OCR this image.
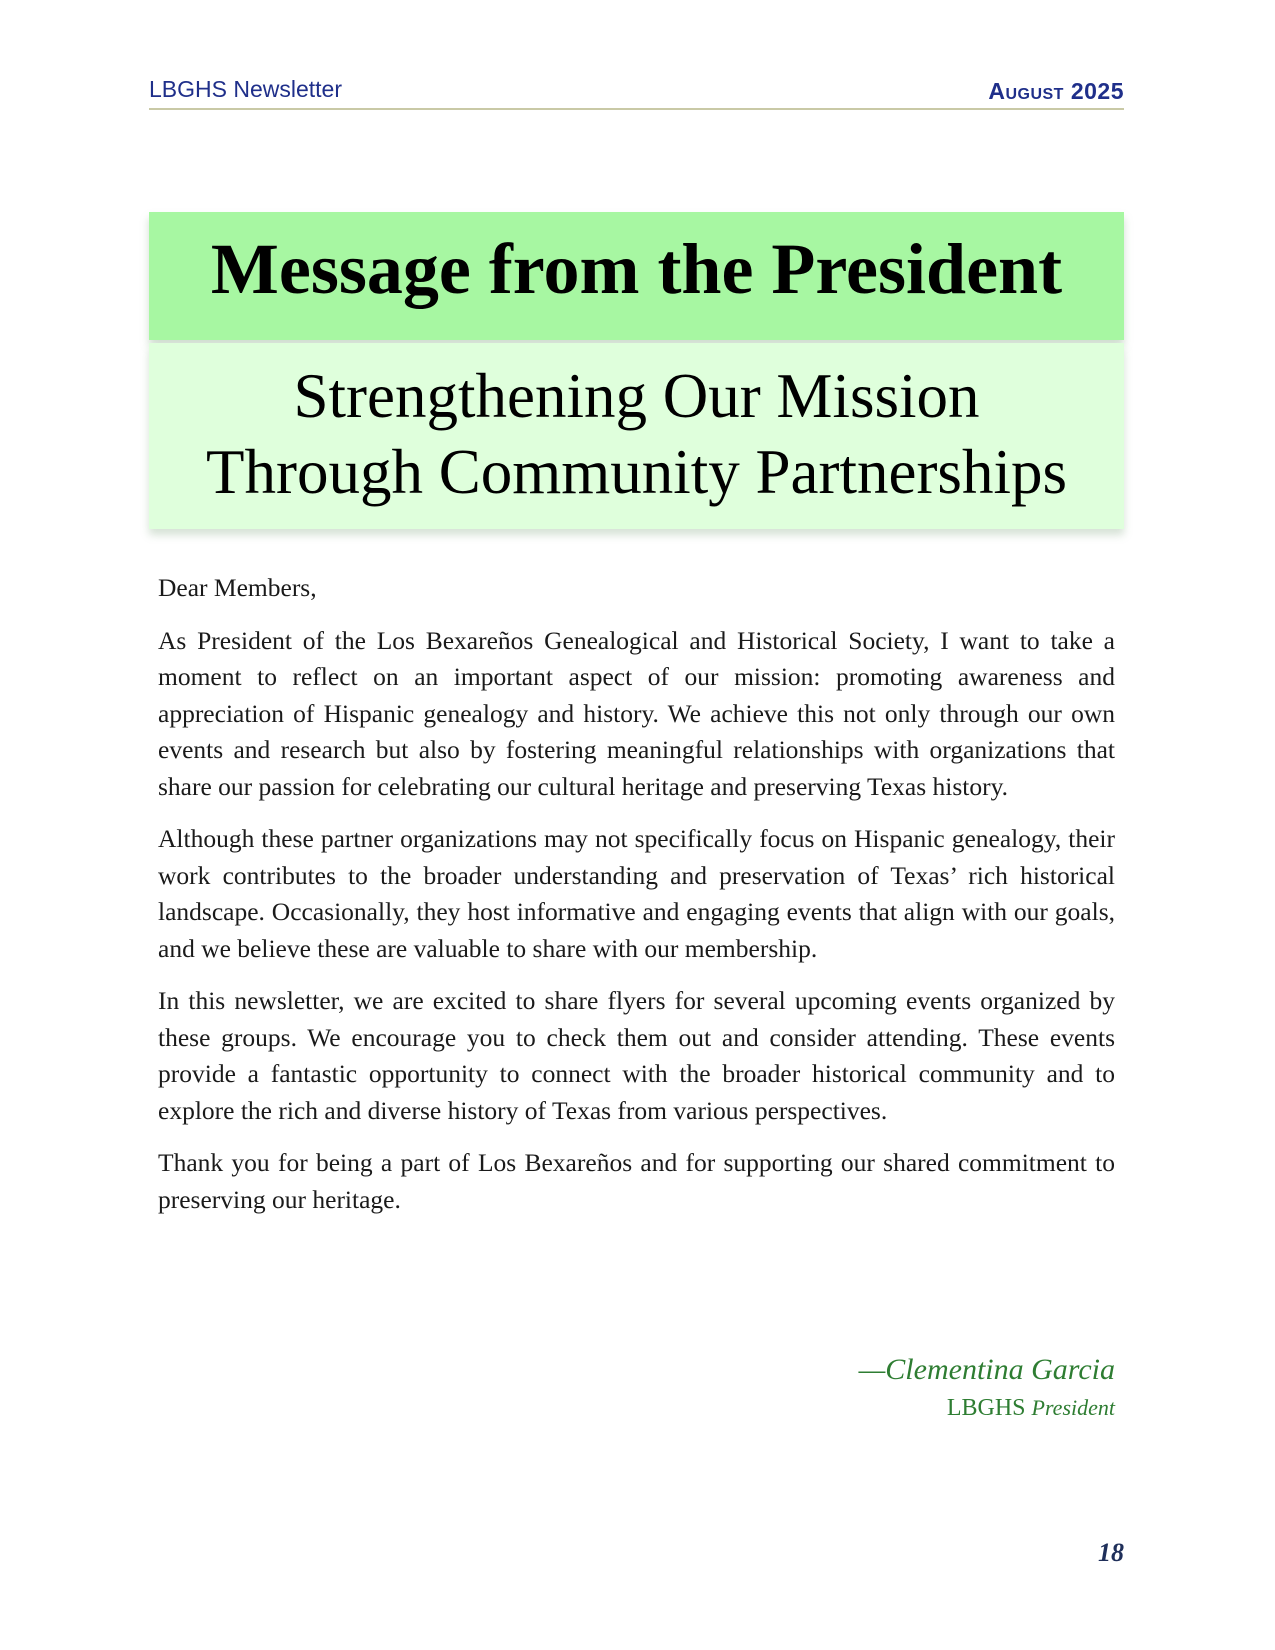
LBGHS Newsletter	August 2025
Message from the President
Strengthening Our Mission
Through Community Partnerships

Dear Members,

As President of the Los Bexareños Genealogical and Historical Society, I want to take a moment to reflect on an important aspect of our mission: promoting awareness and appreciation of Hispanic genealogy and history. We achieve this not only through our own events and research but also by fostering meaningful relationships with organizations that share our passion for celebrating our cultural heritage and preserving Texas history.

Although these partner organizations may not specifically focus on Hispanic genealogy, their work contributes to the broader understanding and preservation of Texas’ rich historical landscape. Occasionally, they host informative and engaging events that align with our goals, and we believe these are valuable to share with our membership.

In this newsletter, we are excited to share flyers for several upcoming events organized by these groups. We encourage you to check them out and consider attending. These events provide a fantastic opportunity to connect with the broader historical community and to explore the rich and diverse history of Texas from various perspectives.

Thank you for being a part of Los Bexareños and for supporting our shared commitment to preserving our heritage.

—Clementina Garcia
LBGHS President
18
